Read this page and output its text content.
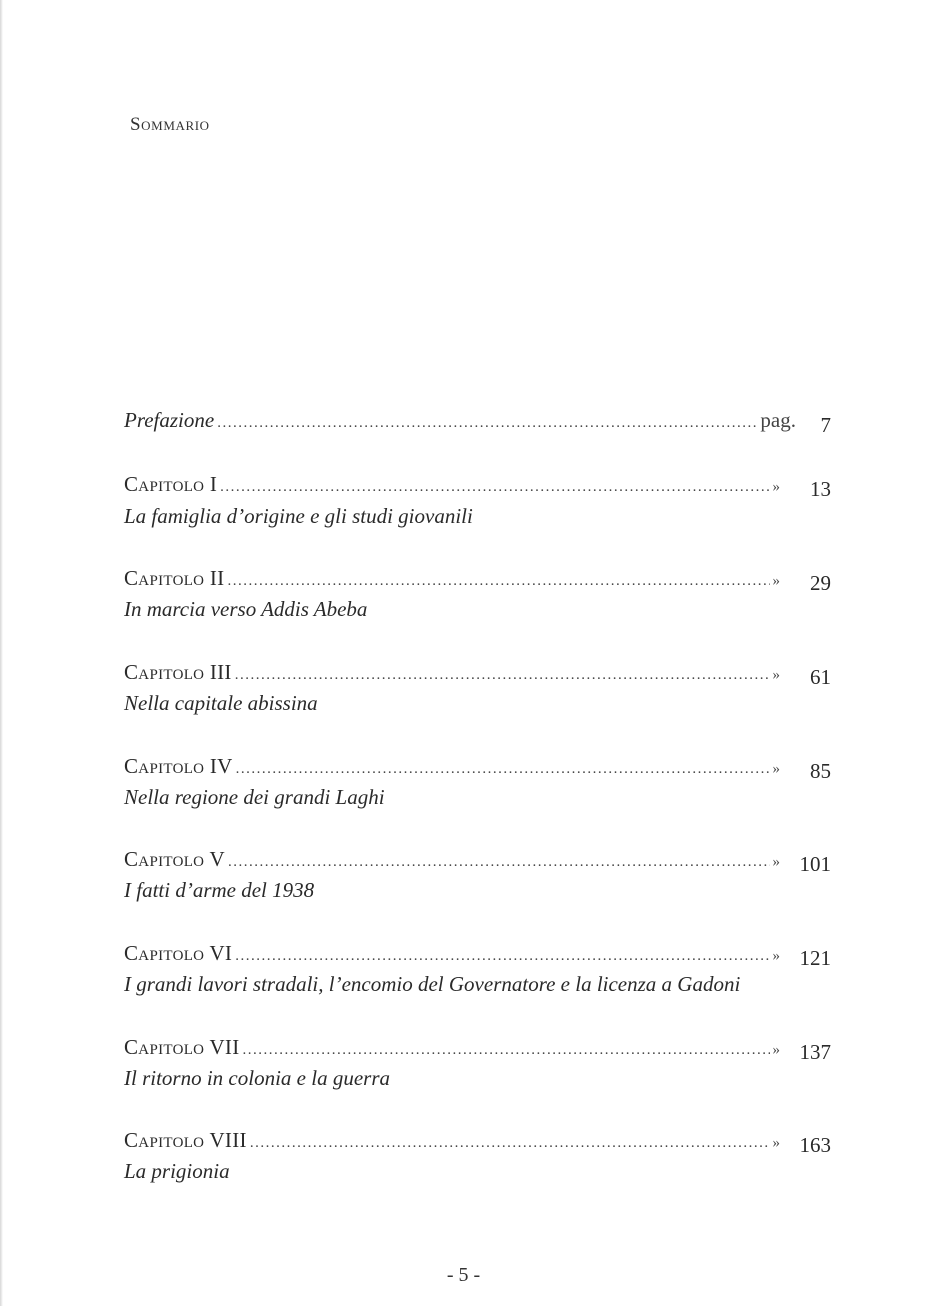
Sommario
Prefazione .....	pag. 7
Capitolo I .....	» 13
La famiglia d’origine e gli studi giovanili
Capitolo II .....	» 29
In marcia verso Addis Abeba
Capitolo III .....	» 61
Nella capitale abissina
Capitolo IV .....	» 85
Nella regione dei grandi Laghi
Capitolo V .....	» 101
I fatti d’arme del 1938
Capitolo VI .....	» 121
I grandi lavori stradali, l’encomio del Governatore e la licenza a Gadoni
Capitolo VII .....	» 137
Il ritorno in colonia e la guerra
Capitolo VIII .....	» 163
La prigionia
- 5 -
